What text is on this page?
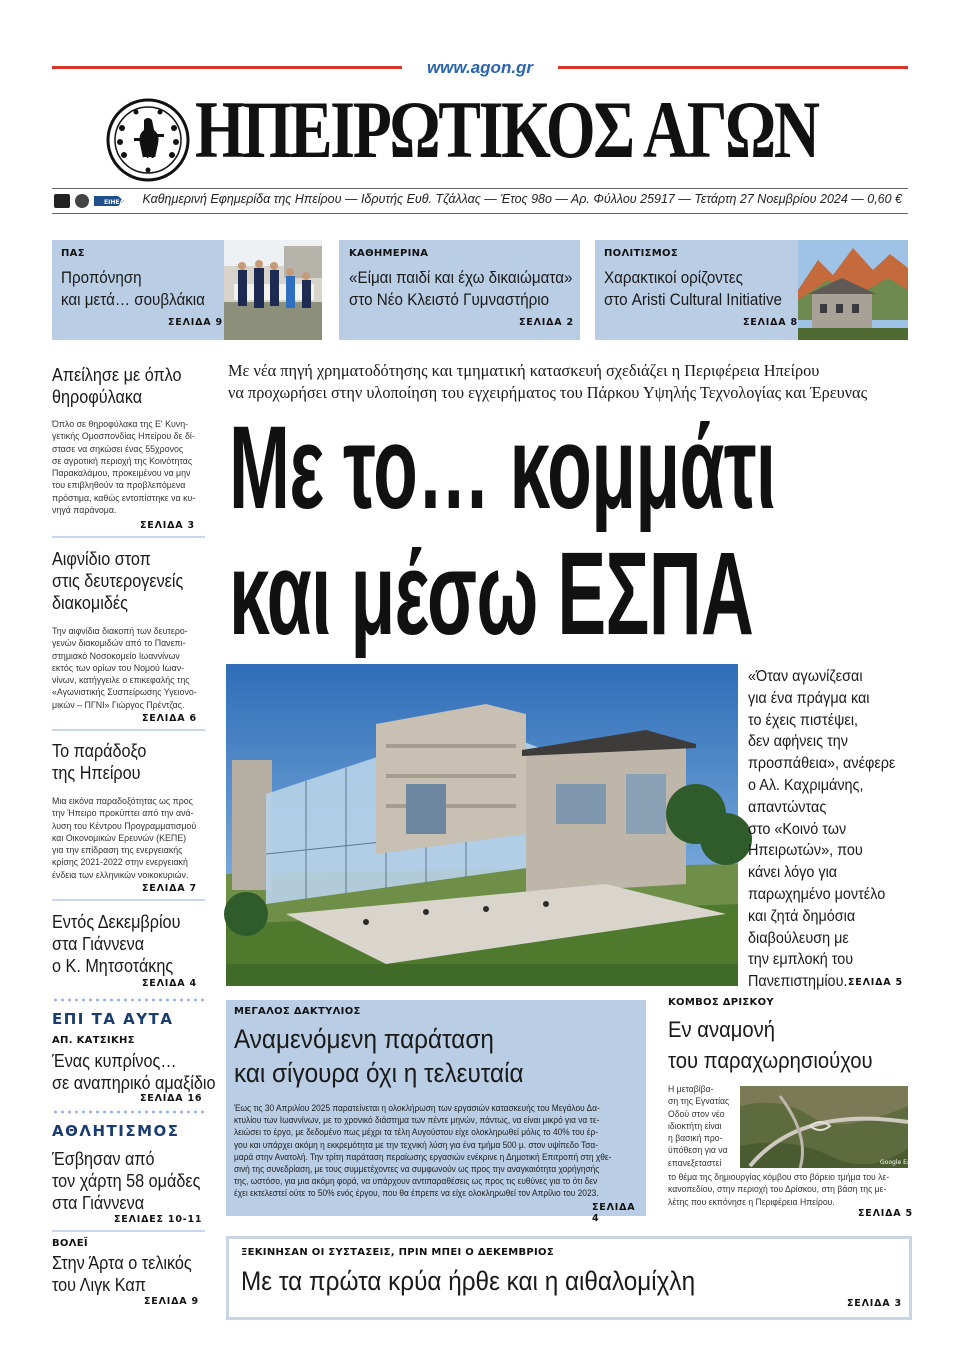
www.agon.gr
ΑΓΩΝ ΗΠΕΙΡΩΤΙΚΟΣ ΑΓΩΝ
ΕΙΗΕΑ	Καθημερινή Εφημερίδα της Ηπείρου — Ιδρυτής Ευθ. Τζάλλας — Έτος 98ο — Αρ. Φύλλου 25917 — Τετάρτη 27 Νοεμβρίου 2024 — 0,60 €
ΠΑΣ
Προπόνηση
και μετά… σουβλάκια
ΣΕΛΙΔΑ 9
ΚΑΘΗΜΕΡΙΝΑ
«Είμαι παιδί και έχω δικαιώματα»
στο Νέο Κλειστό Γυμναστήριο
ΣΕΛΙΔΑ 2
ΠΟΛΙΤΙΣΜΟΣ
Χαρακτικοί ορίζοντες
στο Aristi Cultural Initiative
ΣΕΛΙΔΑ 8
Απείλησε με όπλο
θηροφύλακα
Όπλο σε θηροφύλακα της Ε' Κυνη-
γετικής Ομοσπονδίας Ηπείρου δε δί-
στασε να σηκώσει ένας 55χρονος
σε αγροτική περιοχή της Κοινότητας
Παρακαλάμου, προκειμένου να μην
του επιβληθούν τα προβλεπόμενα
πρόστιμα, καθώς εντοπίστηκε να κυ-
νηγά παράνομα.
ΣΕΛΙΔΑ 3
Αιφνίδιο στοπ
στις δευτερογενείς
διακομιδές
Την αιφνίδια διακοπή των δευτερο-
γενών διακομιδών από το Πανεπι-
στημιακό Νοσοκομείο Ιωαννίνων
εκτός των ορίων του Νομού Ιωαν-
νίνων, κατήγγειλε ο επικεφαλής της
«Αγωνιστικής Συσπείρωσης Υγειονο-
μικών – ΠΓΝΙ» Γιώργος Πρέντζας.
ΣΕΛΙΔΑ 6
Το παράδοξο
της Ηπείρου
Μια εικόνα παραδοξότητας ως προς
την Ήπειρο προκύπτει από την ανά-
λυση του Κέντρου Προγραμματισμού
και Οικονομικών Ερευνών (ΚΕΠΕ)
για την επίδραση της ενεργειακής
κρίσης 2021-2022 στην ενεργειακή
ένδεια των ελληνικών νοικοκυριών.
ΣΕΛΙΔΑ 7
Εντός Δεκεμβρίου
στα Γιάννενα
ο Κ. Μητσοτάκης
ΣΕΛΙΔΑ 4
ΕΠΙ ΤΑ ΑΥΤΑ
ΑΠ. ΚΑΤΣΙΚΗΣ
Ένας κυπρίνος…
σε αναπηρικό αμαξίδιο
ΣΕΛΙΔΑ 16
ΑΘΛΗΤΙΣΜΟΣ
Έσβησαν από
τον χάρτη 58 ομάδες
στα Γιάννενα
ΣΕΛΙΔΕΣ 10-11
ΒΟΛΕΪ
Στην Άρτα ο τελικός
του Λιγκ Καπ
ΣΕΛΙΔΑ 9
Με νέα πηγή χρηματοδότησης και τμηματική κατασκευή σχεδιάζει η Περιφέρεια Ηπείρου
να προχωρήσει στην υλοποίηση του εγχειρήματος του Πάρκου Υψηλής Τεχνολογίας και Έρευνας
Με το… κομμάτι
και μέσω ΕΣΠΑ
«Όταν αγωνίζεσαι
για ένα πράγμα και
το έχεις πιστέψει,
δεν αφήνεις την
προσπάθεια», ανέφερε
ο Αλ. Καχριμάνης,
απαντώντας
στο «Κοινό των
Ηπειρωτών», που
κάνει λόγο για
παρωχημένο μοντέλο
και ζητά δημόσια
διαβούλευση με
την εμπλοκή του
Πανεπιστημίου. ΣΕΛΙΔΑ 5
ΜΕΓΑΛΟΣ ΔΑΚΤΥΛΙΟΣ
Αναμενόμενη παράταση
και σίγουρα όχι η τελευταία
Έως τις 30 Απριλίου 2025 παρατείνεται η ολοκλήρωση των εργασιών κατασκευής του Μεγάλου Δα-
κτυλίου των Ιωαννίνων, με το χρονικό διάστημα των πέντε μηνών, πάντως, να είναι μικρό για να τε-
λειώσει το έργο, με δεδομένο πως μέχρι τα τέλη Αυγούστου είχε ολοκληρωθεί μόλις το 40% του έρ-
γου και υπάρχει ακόμη η εκκρεμότητα με την τεχνική λύση για ένα τμήμα 500 μ. στον υψίπεδο Τσα-
μαρά στην Ανατολή. Την τρίτη παράταση περαίωσης εργασιών ενέκρινε η Δημοτική Επιτροπή στη χθε-
σινή της συνεδρίαση, με τους συμμετέχοντες να συμφωνούν ως προς την αναγκαιότητα χορήγησής
της, ωστόσο, για μια ακόμη φορά, να υπάρχουν αντιπαραθέσεις ως προς τις ευθύνες για το ότι δεν
έχει εκτελεστεί ούτε το 50% ενός έργου, που θα έπρεπε να είχε ολοκληρωθεί τον Απρίλιο του 2023.
ΣΕΛΙΔΑ 4
ΚΟΜΒΟΣ ΔΡΙΣΚΟΥ
Εν αναμονή
του παραχωρησιούχου
Η μεταβίβα-
ση της Εγνατίας
Οδού στον νέο
ιδιοκτήτη είναι
η βασική προ-
ϋπόθεση για να
επανεξεταστεί	Google Earth
το θέμα της δημιουργίας κόμβου στο βόρειο τμήμα του λε-
κανοπεδίου, στην περιοχή του Δρίσκου, στη βάση της με-
λέτης που εκπόνησε η Περιφέρεια Ηπείρου.
ΣΕΛΙΔΑ 5
ΞΕΚΙΝΗΣΑΝ ΟΙ ΣΥΣΤΑΣΕΙΣ, ΠΡΙΝ ΜΠΕΙ Ο ΔΕΚΕΜΒΡΙΟΣ
Με τα πρώτα κρύα ήρθε και η αιθαλομίχλη
ΣΕΛΙΔΑ 3
